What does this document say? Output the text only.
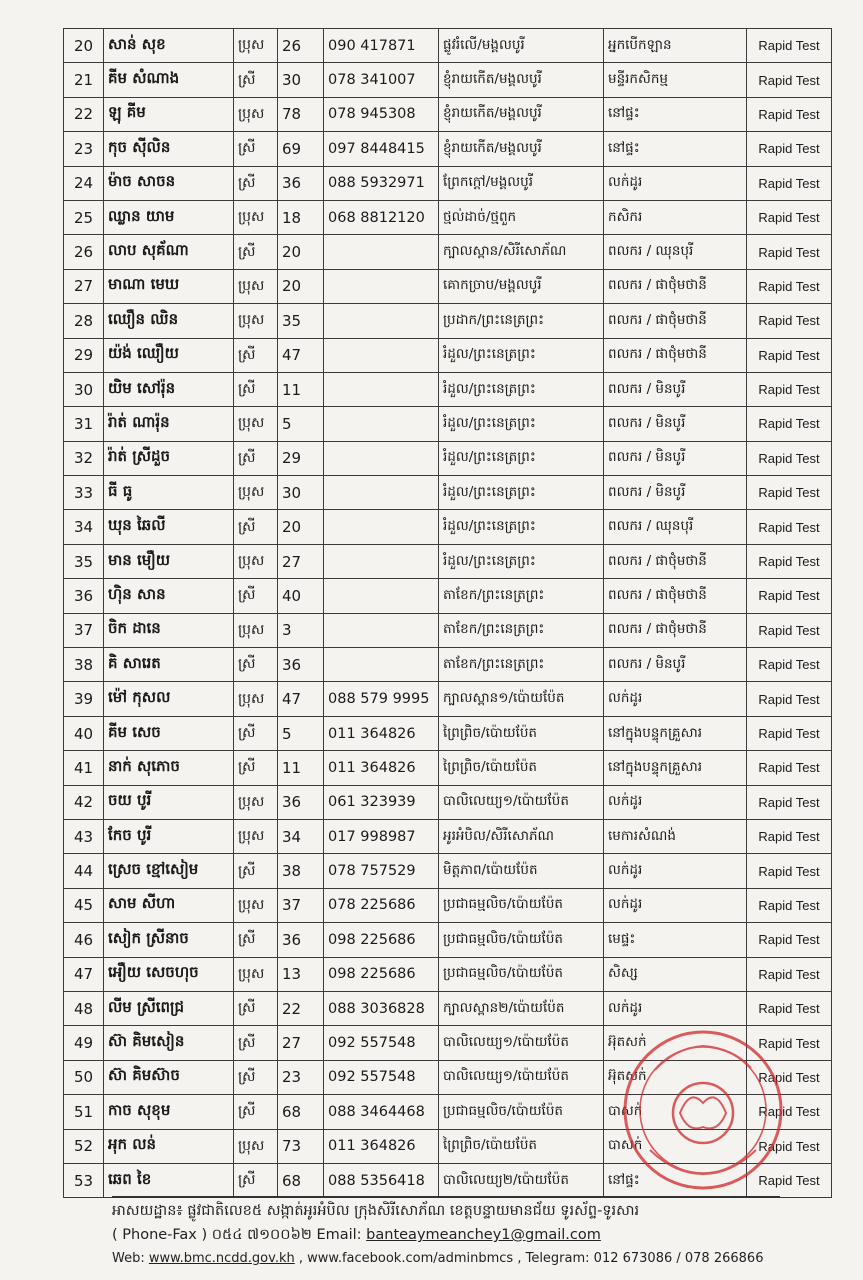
20	សាន់ សុខ	ប្រុស	26	090 417871	ផ្លូវរំលើ/មង្គលបូរី	អ្នកបើកឡាន	Rapid Test
21	គីម សំណាង	ស្រី	30	078 341007	ខ្ញុំរាយកើត/មង្គលបូរី	មន្ទីរកសិកម្ម	Rapid Test
22	ឡុ គីម	ប្រុស	78	078 945308	ខ្ញុំរាយកើត/មង្គលបូរី	នៅផ្ទះ	Rapid Test
23	កុច ស៊ីលិន	ស្រី	69	097 8448415	ខ្ញុំរាយកើត/មង្គលបូរី	នៅផ្ទះ	Rapid Test
24	ម៉ាច សាចន	ស្រី	36	088 5932971	ព្រែកក្តៅ/មង្គលបូរី	លក់ដូរ	Rapid Test
25	ឈ្លាន យាម	ប្រុស	18	068 8812120	ថ្មល់ដាច់/ថ្មពួក	កសិករ	Rapid Test
26	លាប សុគ័ណា	ស្រី	20		ក្បាលស្ពាន/សិរីសោភ័ណ	ពលករ / ឈុនបុរី	Rapid Test
27	មាណា មេឃ	ប្រុស	20		គោកច្រាប/មង្គលបូរី	ពលករ / ផាថុំមថានី	Rapid Test
28	ឈឿន ឈិន	ប្រុស	35		ប្រដាក/ព្រះនេត្រព្រះ	ពលករ / ផាថុំមថានី	Rapid Test
29	យ៉ង់ ឈឿយ	ស្រី	47		រំដួល/ព្រះនេត្រព្រះ	ពលករ / ផាថុំមថានី	Rapid Test
30	យិម សៅរ៉ុន	ស្រី	11		រំដួល/ព្រះនេត្រព្រះ	ពលករ / មិនបូរី	Rapid Test
31	រ៉ាត់ ណារ៉ុន	ប្រុស	5		រំដួល/ព្រះនេត្រព្រះ	ពលករ / មិនបូរី	Rapid Test
32	រ៉ាត់ ស្រីដួច	ស្រី	29		រំដួល/ព្រះនេត្រព្រះ	ពលករ / មិនបូរី	Rapid Test
33	ធី ធូ	ប្រុស	30		រំដួល/ព្រះនេត្រព្រះ	ពលករ / មិនបូរី	Rapid Test
34	ឃុន ឆៃលី	ស្រី	20		រំដួល/ព្រះនេត្រព្រះ	ពលករ / ឈុនបុរី	Rapid Test
35	មាន មឿយ	ប្រុស	27		រំដួល/ព្រះនេត្រព្រះ	ពលករ / ផាថុំមថានី	Rapid Test
36	ហ៊ិន សាន	ស្រី	40		តាខែក/ព្រះនេត្រព្រះ	ពលករ / ផាថុំមថានី	Rapid Test
37	ចិក ដានេ	ប្រុស	3		តាខែក/ព្រះនេត្រព្រះ	ពលករ / ផាថុំមថានី	Rapid Test
38	គិ សារេត	ស្រី	36		តាខែក/ព្រះនេត្រព្រះ	ពលករ / មិនបូរី	Rapid Test
39	ម៉ៅ កុសល	ប្រុស	47	088 579 9995	ក្បាលស្ពាន១/ប៉ោយប៉ែត	លក់ដូរ	Rapid Test
40	គីម សេច	ស្រី	5	011 364826	ព្រៃព្រិច/ប៉ោយប៉ែត	នៅក្នុងបន្ទុកគ្រួសារ	Rapid Test
41	នាក់ សុភោច	ស្រី	11	011 364826	ព្រៃព្រិច/ប៉ោយប៉ែត	នៅក្នុងបន្ទុកគ្រួសារ	Rapid Test
42	ចយ បូរី	ប្រុស	36	061 323939	បាលិលេយ្យ១/ប៉ោយប៉ែត	លក់ដូរ	Rapid Test
43	កែច បូរី	ប្រុស	34	017 998987	អូរអំបិល/សិរីសោភ័ណ	មេការសំណង់	Rapid Test
44	ស្រេច ខ្មៅសៀម	ស្រី	38	078 757529	មិត្តភាព/ប៉ោយប៉ែត	លក់ដូរ	Rapid Test
45	សាម សីហា	ប្រុស	37	078 225686	ប្រជាធម្មលិច/ប៉ោយប៉ែត	លក់ដូរ	Rapid Test
46	សៀក ស្រីនាច	ស្រី	36	098 225686	ប្រជាធម្មលិច/ប៉ោយប៉ែត	មេផ្ទះ	Rapid Test
47	អឿយ សេចហុច	ប្រុស	13	098 225686	ប្រជាធម្មលិច/ប៉ោយប៉ែត	សិស្ស	Rapid Test
48	លីម ស្រីពេជ្រ	ស្រី	22	088 3036828	ក្បាលស្ពាន២/ប៉ោយប៉ែត	លក់ដូរ	Rapid Test
49	ស៊ា គិមសៀន	ស្រី	27	092 557548	បាលិលេយ្យ១/ប៉ោយប៉ែត	អ៊ុតសក់	Rapid Test
50	ស៊ា គិមស៊ាច	ស្រី	23	092 557548	បាលិលេយ្យ១/ប៉ោយប៉ែត	អ៊ុតសក់	Rapid Test
51	កាច សុខុម	ស្រី	68	088 3464468	ប្រជាធម្មលិច/ប៉ោយប៉ែត	បាសក់	Rapid Test
52	អុក លន់	ប្រុស	73	011 364826	ព្រៃព្រិច/ប៉ោយប៉ែត	បាសក់	Rapid Test
53	ឆេព ខៃ	ស្រី	68	088 5356418	បាលិលេយ្យ២/ប៉ោយប៉ែត	នៅផ្ទះ	Rapid Test
អាសយដ្ឋាន៖ ផ្លូវជាតិលេខ៥ សង្កាត់អូរអំបិល ក្រុងសិរីសោភ័ណ ខេត្តបន្ទាយមានជ័យ ទូរស័ព្ទ-ទូរសារ
( Phone-Fax ) ០៥៤ ៧១០០៦២ Email: banteaymeanchey1@gmail.com
Web: www.bmc.ncdd.gov.kh , www.facebook.com/adminbmcs , Telegram: 012 673086 / 078 266866
